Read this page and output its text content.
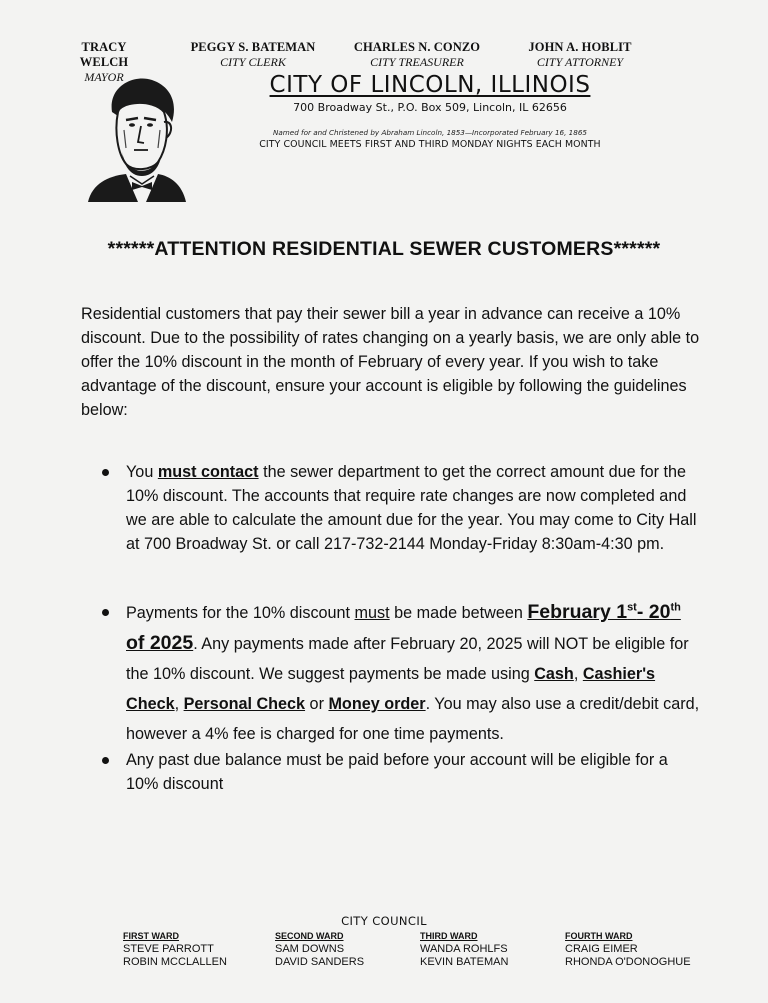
TRACY WELCH
MAYOR
PEGGY S. BATEMAN
CITY CLERK
CHARLES N. CONZO
CITY TREASURER
JOHN A. HOBLIT
CITY ATTORNEY
CITY OF LINCOLN, ILLINOIS
700 Broadway St., P.O. Box 509, Lincoln, IL 62656
Named for and Christened by Abraham Lincoln, 1853—Incorporated February 16, 1865
CITY COUNCIL MEETS FIRST AND THIRD MONDAY NIGHTS EACH MONTH
******ATTENTION RESIDENTIAL SEWER CUSTOMERS******
Residential customers that pay their sewer bill a year in advance can receive a 10% discount. Due to the possibility of rates changing on a yearly basis, we are only able to offer the 10% discount in the month of February of every year. If you wish to take advantage of the discount, ensure your account is eligible by following the guidelines below:
You must contact the sewer department to get the correct amount due for the 10% discount. The accounts that require rate changes are now completed and we are able to calculate the amount due for the year. You may come to City Hall at 700 Broadway St. or call 217-732-2144 Monday-Friday 8:30am-4:30 pm.
Payments for the 10% discount must be made between February 1st- 20th
of 2025. Any payments made after February 20, 2025 will NOT be eligible for the 10% discount. We suggest payments be made using Cash, Cashier's Check, Personal Check or Money order. You may also use a credit/debit card, however a 4% fee is charged for one time payments.
Any past due balance must be paid before your account will be eligible for a 10% discount
CITY COUNCIL
FIRST WARD
STEVE PARROTT
ROBIN MCCLALLEN
SECOND WARD
SAM DOWNS
DAVID SANDERS
THIRD WARD
WANDA ROHLFS
KEVIN BATEMAN
FOURTH WARD
CRAIG EIMER
RHONDA O'DONOGHUE
